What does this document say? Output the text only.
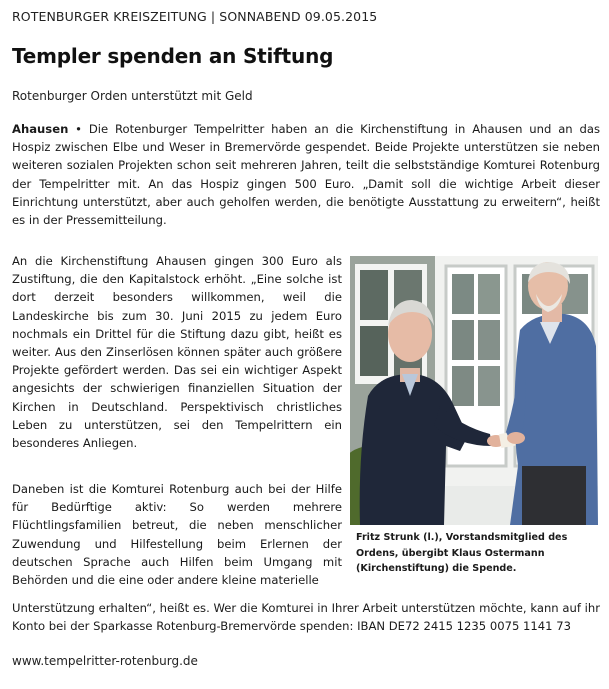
ROTENBURGER KREISZEITUNG | SONNABEND 09.05.2015
Templer spenden an Stiftung
Rotenburger Orden unterstützt mit Geld

Ahausen • Die Rotenburger Tempelritter haben an die Kirchenstiftung in Ahausen und an das Hospiz zwischen Elbe und Weser in Bremervörde gespendet. Beide Projekte unterstützen sie neben weiteren sozialen Projekten schon seit mehreren Jahren, teilt die selbstständige Komturei Rotenburg der Tempelritter mit. An das Hospiz gingen 500 Euro. „Damit soll die wichtige Arbeit dieser Einrichtung unterstützt, aber auch geholfen werden, die benötigte Ausstattung zu erweitern“, heißt es in der Pressemitteilung.

An die Kirchenstiftung Ahausen gingen 300 Euro als Zustiftung, die den Kapitalstock erhöht. „Eine solche ist dort derzeit besonders willkommen, weil die Landeskirche bis zum 30. Juni 2015 zu jedem Euro nochmals ein Drittel für die Stiftung dazu gibt, heißt es weiter. Aus den Zinserlösen können später auch größere Projekte gefördert werden. Das sei ein wichtiger Aspekt angesichts der schwierigen finanziellen Situation der Kirchen in Deutschland. Perspektivisch christliches Leben zu unterstützen, sei den Tempelrittern ein besonderes Anliegen.

Fritz Strunk (l.), Vorstandsmitglied des Ordens, übergibt Klaus Ostermann (Kirchenstiftung) die Spende.

Daneben ist die Komturei Rotenburg auch bei der Hilfe für Bedürftige aktiv: So werden mehrere Flüchtlingsfamilien betreut, die neben menschlicher Zuwendung und Hilfestellung beim Erlernen der deutschen Sprache auch Hilfen beim Umgang mit Behörden und die eine oder andere kleine materielle

Unterstützung erhalten“, heißt es. Wer die Komturei in Ihrer Arbeit unterstützen möchte, kann auf ihr Konto bei der Sparkasse Rotenburg-Bremervörde spenden: IBAN DE72 2415 1235 0075 1141 73

www.tempelritter-rotenburg.de
